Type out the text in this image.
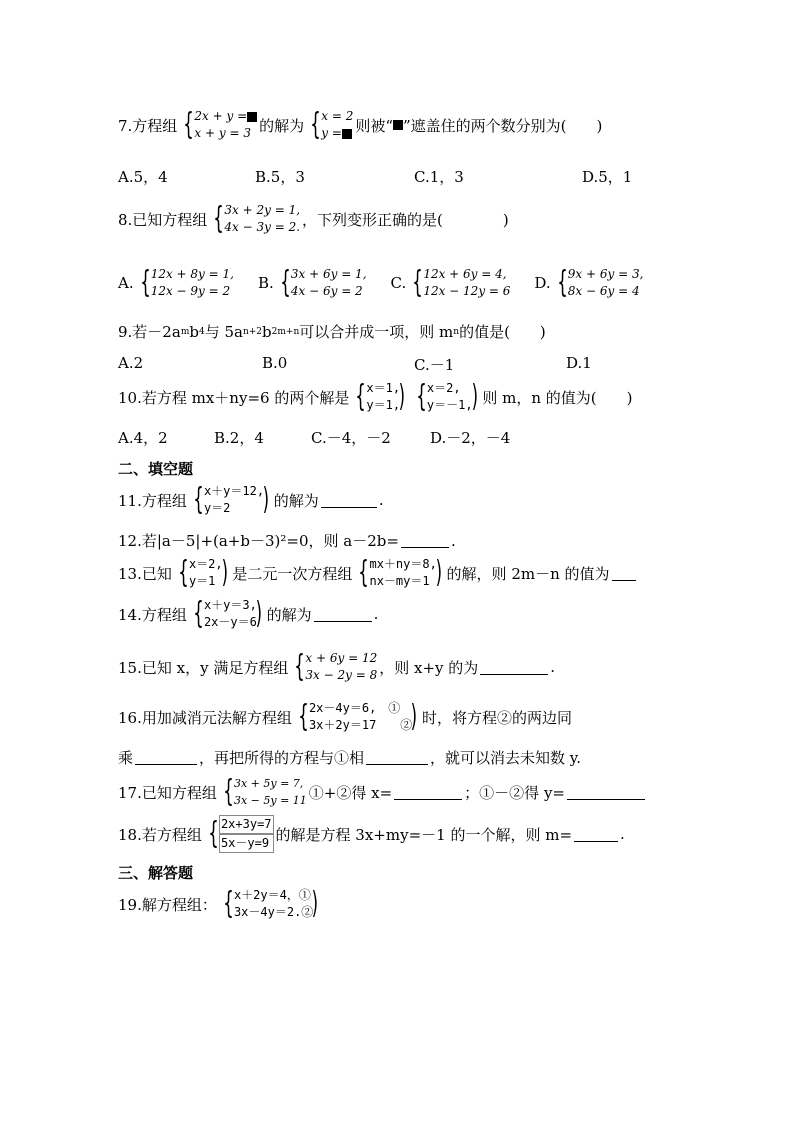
7.方程组 { 2x + y =
x + y = 3 的解为 { x = 2
y = 则被“ ”遮盖住的两个数分别为(　　)
A.5，4	B.5，3	C.1，3	D.5，1
8.已知方程组 { 3x + 2y = 1,
4x − 3y = 2. ，下列变形正确的是(　　　　)
A. { 12x + 8y = 1,
12x − 9y = 2 B. { 3x + 6y = 1,
4x − 6y = 2 C. { 12x + 6y = 4,
12x − 12y = 6 D. { 9x + 6y = 3,
8x − 6y = 4
9.若－2a m b 4 与 5a n+2 b 2m+n 可以合并成一项，则 m n 的值是(　　)
A.2	B.0	C.－1	D.1
10.若方程 mx＋ny=6 的两个解是 { x＝1,
y＝1,
) { x＝2,
y＝－1,
) 则 m，n 的值为(　　)
A.4，2	B.2，4	C.－4，－2	D.－2，－4
二、填空题
11.方程组 { x＋y＝12,
y＝2	) 的解为	.
12.若|a－5|+(a+b－3)²=0，则 a－2b=	.
13.已知 { x＝2,
y＝1 ) 是二元一次方程组 { mx＋ny＝8,
nx－my＝1 ) 的解，则 2m－n 的值为
14.方程组 { x＋y＝3,
2x－y＝6
) 的解为	.
15.已知 x，y 满足方程组 { x + 6y = 12
3x − 2y = 8 ，则 x+y 的为	.
16.用加减消元法解方程组 { 2x－4y＝6,　①
3x＋2y＝17　　②
) 时，将方程②的两边同
乘	，再把所得的方程与①相	，就可以消去未知数 y.
17.已知方程组 { 3x + 5y = 7,
3x − 5y = 11 ①+②得 x=	；①－②得 y=
18.若方程组 { 2x+3y=7
5x－y=9 的解是方程 3x+my=－1 的一个解，则 m=	.
三、解答题
19.解方程组： { x＋2y＝4，①
3x－4y＝2.②
)
